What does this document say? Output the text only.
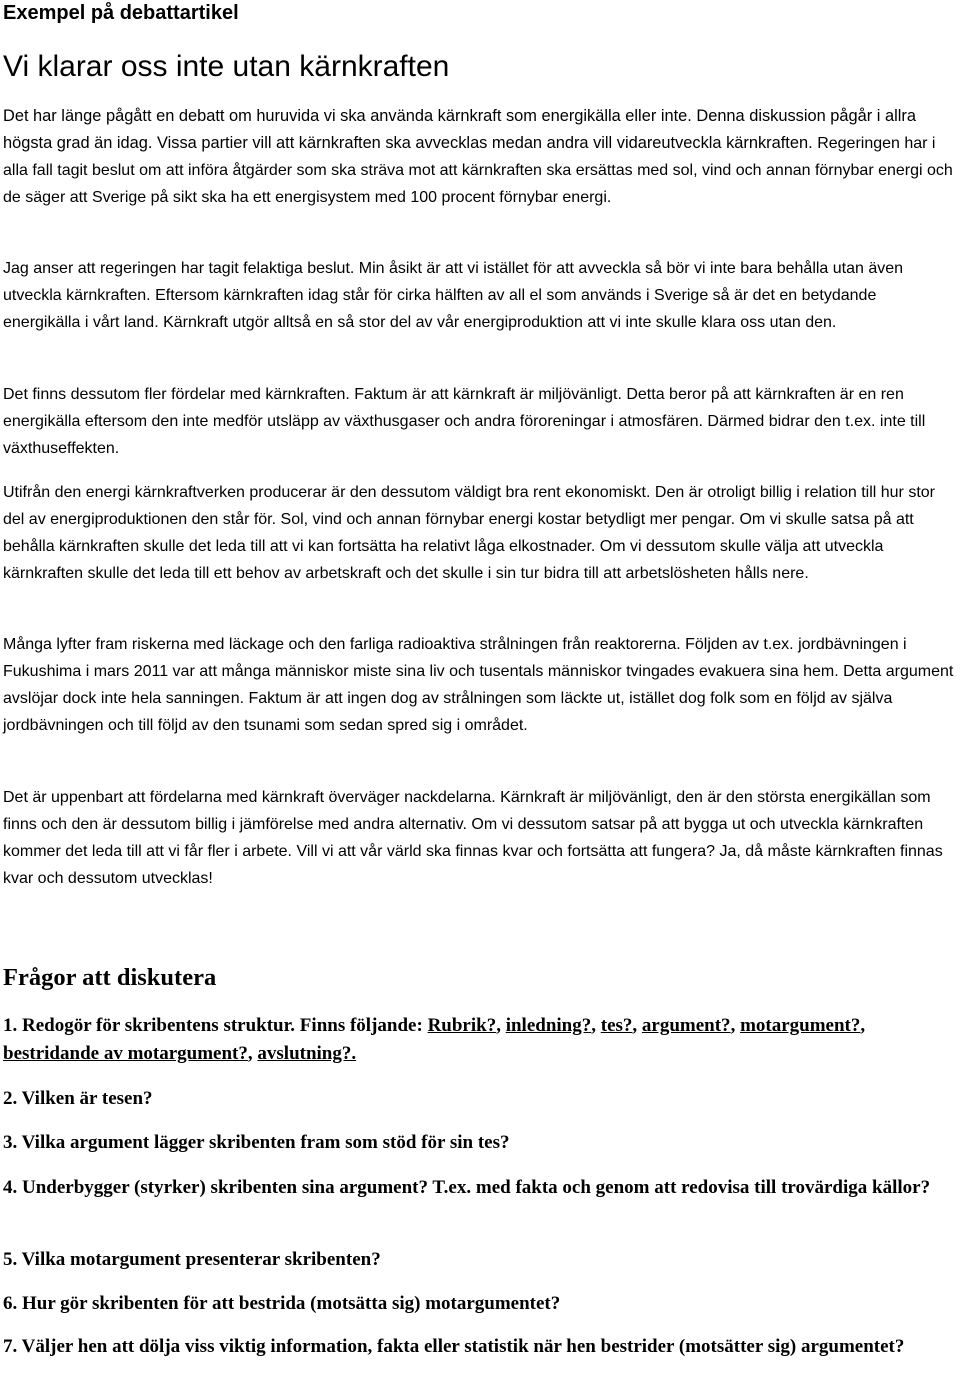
Exempel på debattartikel
Vi klarar oss inte utan kärnkraften

Det har länge pågått en debatt om huruvida vi ska använda kärnkraft som energikälla eller inte. Denna diskussion pågår i allra högsta grad än idag. Vissa partier vill att kärnkraften ska avvecklas medan andra vill vidareutveckla kärnkraften. Regeringen har i alla fall tagit beslut om att införa åtgärder som ska sträva mot att kärnkraften ska ersättas med sol, vind och annan förnybar energi och de säger att Sverige på sikt ska ha ett energisystem med 100 procent förnybar energi.

Jag anser att regeringen har tagit felaktiga beslut. Min åsikt är att vi istället för att avveckla så bör vi inte bara behålla utan även utveckla kärnkraften. Eftersom kärnkraften idag står för cirka hälften av all el som används i Sverige så är det en betydande energikälla i vårt land. Kärnkraft utgör alltså en så stor del av vår energiproduktion att vi inte skulle klara oss utan den.

Det finns dessutom fler fördelar med kärnkraften. Faktum är att kärnkraft är miljövänligt. Detta beror på att kärnkraften är en ren energikälla eftersom den inte medför utsläpp av växthusgaser och andra föroreningar i atmosfären. Därmed bidrar den t.ex. inte till växthuseffekten.

Utifrån den energi kärnkraftverken producerar är den dessutom väldigt bra rent ekonomiskt. Den är otroligt billig i relation till hur stor del av energiproduktionen den står för. Sol, vind och annan förnybar energi kostar betydligt mer pengar. Om vi skulle satsa på att behålla kärnkraften skulle det leda till att vi kan fortsätta ha relativt låga elkostnader. Om vi dessutom skulle välja att utveckla kärnkraften skulle det leda till ett behov av arbetskraft och det skulle i sin tur bidra till att arbetslösheten hålls nere.

Många lyfter fram riskerna med läckage och den farliga radioaktiva strålningen från reaktorerna. Följden av t.ex. jordbävningen i Fukushima i mars 2011 var att många människor miste sina liv och tusentals människor tvingades evakuera sina hem. Detta argument avslöjar dock inte hela sanningen. Faktum är att ingen dog av strålningen som läckte ut, istället dog folk som en följd av själva jordbävningen och till följd av den tsunami som sedan spred sig i området.

Det är uppenbart att fördelarna med kärnkraft överväger nackdelarna. Kärnkraft är miljövänligt, den är den största energikällan som finns och den är dessutom billig i jämförelse med andra alternativ. Om vi dessutom satsar på att bygga ut och utveckla kärnkraften kommer det leda till att vi får fler i arbete. Vill vi att vår värld ska finnas kvar och fortsätta att fungera? Ja, då måste kärnkraften finnas kvar och dessutom utvecklas!

Frågor att diskutera

1. Redogör för skribentens struktur. Finns följande: Rubrik?, inledning?, tes?, argument?, motargument?, bestridande av motargument?, avslutning?.

2. Vilken är tesen?

3. Vilka argument lägger skribenten fram som stöd för sin tes?

4. Underbygger (styrker) skribenten sina argument? T.ex. med fakta och genom att redovisa till trovärdiga källor?

5. Vilka motargument presenterar skribenten?

6. Hur gör skribenten för att bestrida (motsätta sig) motargumentet?

7. Väljer hen att dölja viss viktig information, fakta eller statistik när hen bestrider (motsätter sig) argumentet?
